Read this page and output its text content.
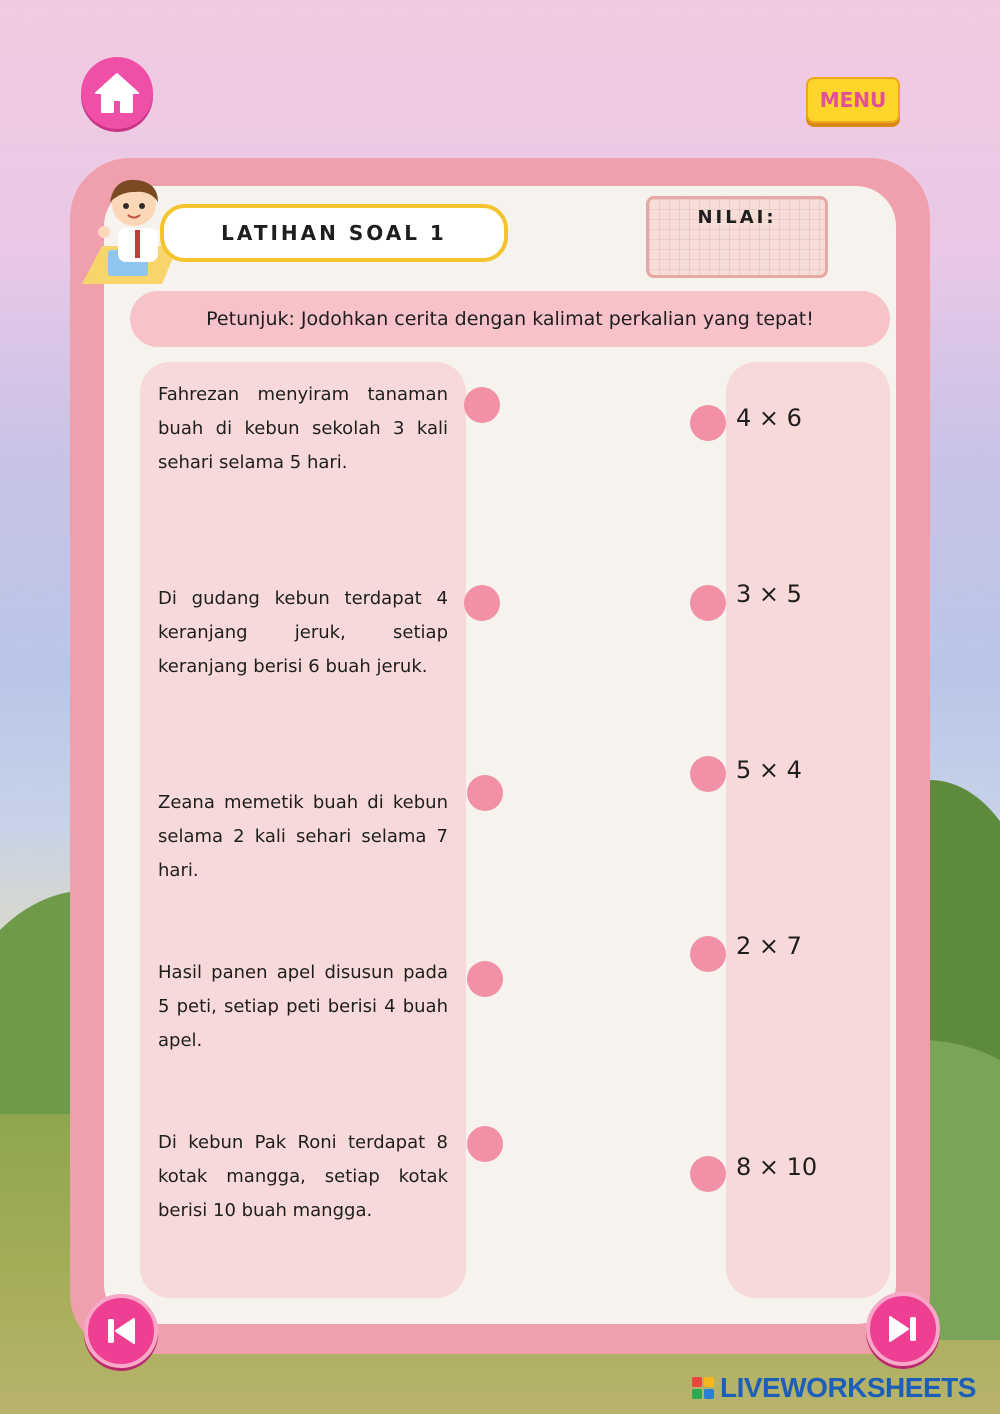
MENU
LATIHAN SOAL 1
NILAI:
Petunjuk: Jodohkan cerita dengan kalimat perkalian yang tepat!
Fahrezan menyiram tanaman buah di kebun sekolah 3 kali sehari selama 5 hari.
Di gudang kebun terdapat 4 keranjang jeruk, setiap keranjang berisi 6 buah jeruk.
Zeana memetik buah di kebun selama 2 kali sehari selama 7 hari.
Hasil panen apel disusun pada 5 peti, setiap peti berisi 4 buah apel.
Di kebun Pak Roni terdapat 8 kotak mangga, setiap kotak berisi 10 buah mangga.
4 × 6
3 × 5
5 × 4
2 × 7
8 × 10
LIVEWORKSHEETS
